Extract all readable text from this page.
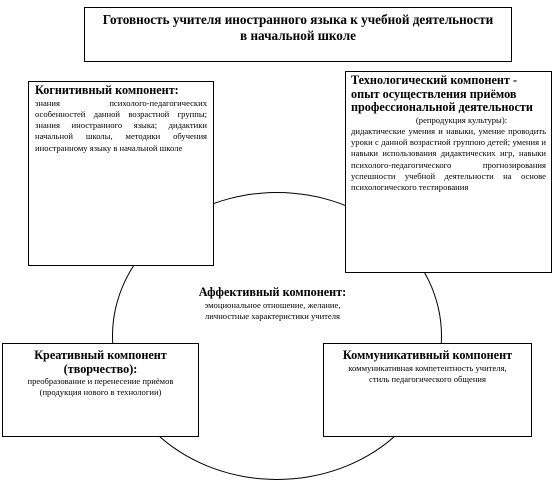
Готовность учителя иностранного языка к учебной деятельности
в начальной школе
Когнитивный компонент:
знания психолого-педагогических особенностей данной возрастной группы; знания иностранного языка; дидактики начальной школы, методики обучения иностранному языку в начальной школе
Технологический компонент - опыт осуществления приёмов профессиональной деятельности
(репродукция культуры):
дидактические умения и навыки, умение проводить уроки с данной возрастной группою детей; умения и навыки использования дидактических игр, навыки психолого-педагогического прогнозирования успешности учебной деятельности на основе психологического тестирования
Аффективный компонент:
эмоциональное отношение, желание,
личностные характеристики учителя
Креативный компонент (творчество):
преобразование и перенесение приёмов
(продукция нового в технологии)
Коммуникативный компонент
коммуникативная компетентность учителя,
стиль педагогического общения
